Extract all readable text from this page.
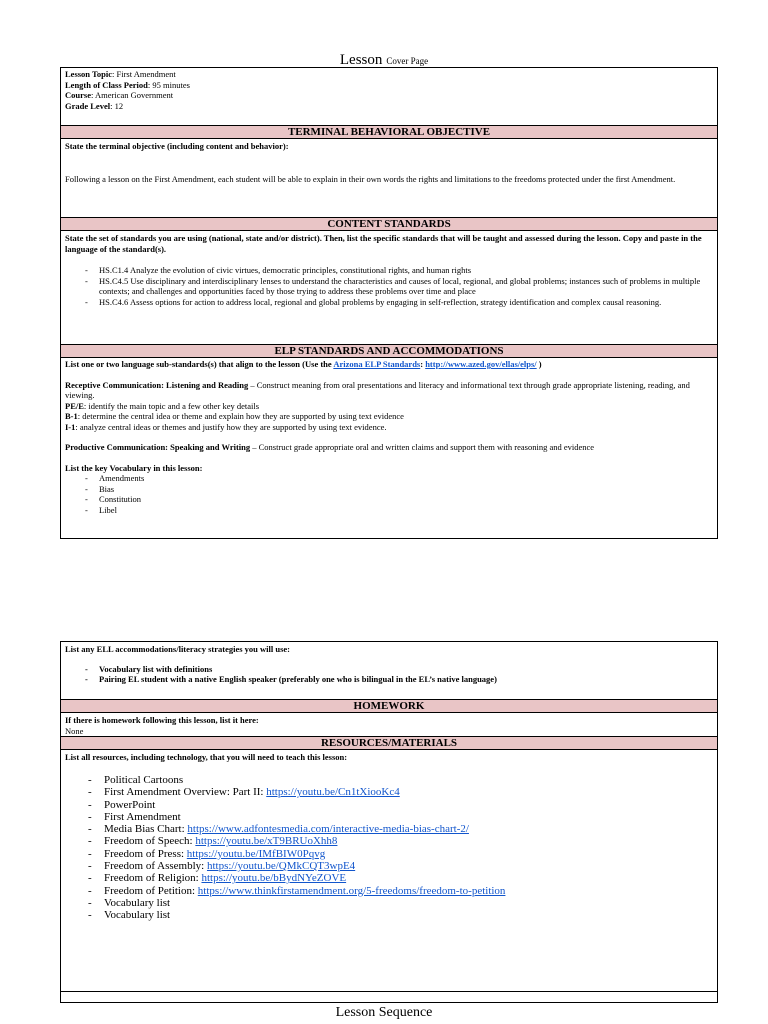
Lesson Cover Page
Lesson Topic: First Amendment
Length of Class Period: 95 minutes
Course: American Government
Grade Level: 12
TERMINAL BEHAVIORAL OBJECTIVE
State the terminal objective (including content and behavior):
Following a lesson on the First Amendment, each student will be able to explain in their own words the rights and limitations to the freedoms protected under the first Amendment.
CONTENT STANDARDS
State the set of standards you are using (national, state and/or district). Then, list the specific standards that will be taught and assessed during the lesson. Copy and paste in the language of the standard(s).
- HS.C1.4 Analyze the evolution of civic virtues, democratic principles, constitutional rights, and human rights
- HS.C4.5 Use disciplinary and interdisciplinary lenses to understand the characteristics and causes of local, regional, and global problems; instances such of problems in multiple contexts; and challenges and opportunities faced by those trying to address these problems over time and place
- HS.C4.6 Assess options for action to address local, regional and global problems by engaging in self-reflection, strategy identification and complex causal reasoning.
ELP STANDARDS AND ACCOMMODATIONS
List one or two language sub-standards(s) that align to the lesson (Use the Arizona ELP Standards: http://www.azed.gov/ellas/elps/ )
Receptive Communication: Listening and Reading – Construct meaning from oral presentations and literacy and informational text through grade appropriate listening, reading, and viewing.
PE/E: identify the main topic and a few other key details
B-1: determine the central idea or theme and explain how they are supported by using text evidence
I-1: analyze central ideas or themes and justify how they are supported by using text evidence.
Productive Communication: Speaking and Writing – Construct grade appropriate oral and written claims and support them with reasoning and evidence
List the key Vocabulary in this lesson:
- Amendments
- Bias
- Constitution
- Libel
List any ELL accommodations/literacy strategies you will use:
- Vocabulary list with definitions
- Pairing EL student with a native English speaker (preferably one who is bilingual in the EL’s native language)
HOMEWORK
If there is homework following this lesson, list it here:
None
RESOURCES/MATERIALS
List all resources, including technology, that you will need to teach this lesson:
- Political Cartoons
- First Amendment Overview: Part II: https://youtu.be/Cn1tXiooKc4
- PowerPoint
- First Amendment
- Media Bias Chart: https://www.adfontesmedia.com/interactive-media-bias-chart-2/
- Freedom of Speech: https://youtu.be/xT9BRUoXhh8
- Freedom of Press: https://youtu.be/IMfBIW0Pqvg
- Freedom of Assembly: https://youtu.be/QMkCQT3wpE4
- Freedom of Religion: https://youtu.be/bBydNYeZOVE
- Freedom of Petition: https://www.thinkfirstamendment.org/5-freedoms/freedom-to-petition
- Vocabulary list
- Vocabulary list
Lesson Sequence
